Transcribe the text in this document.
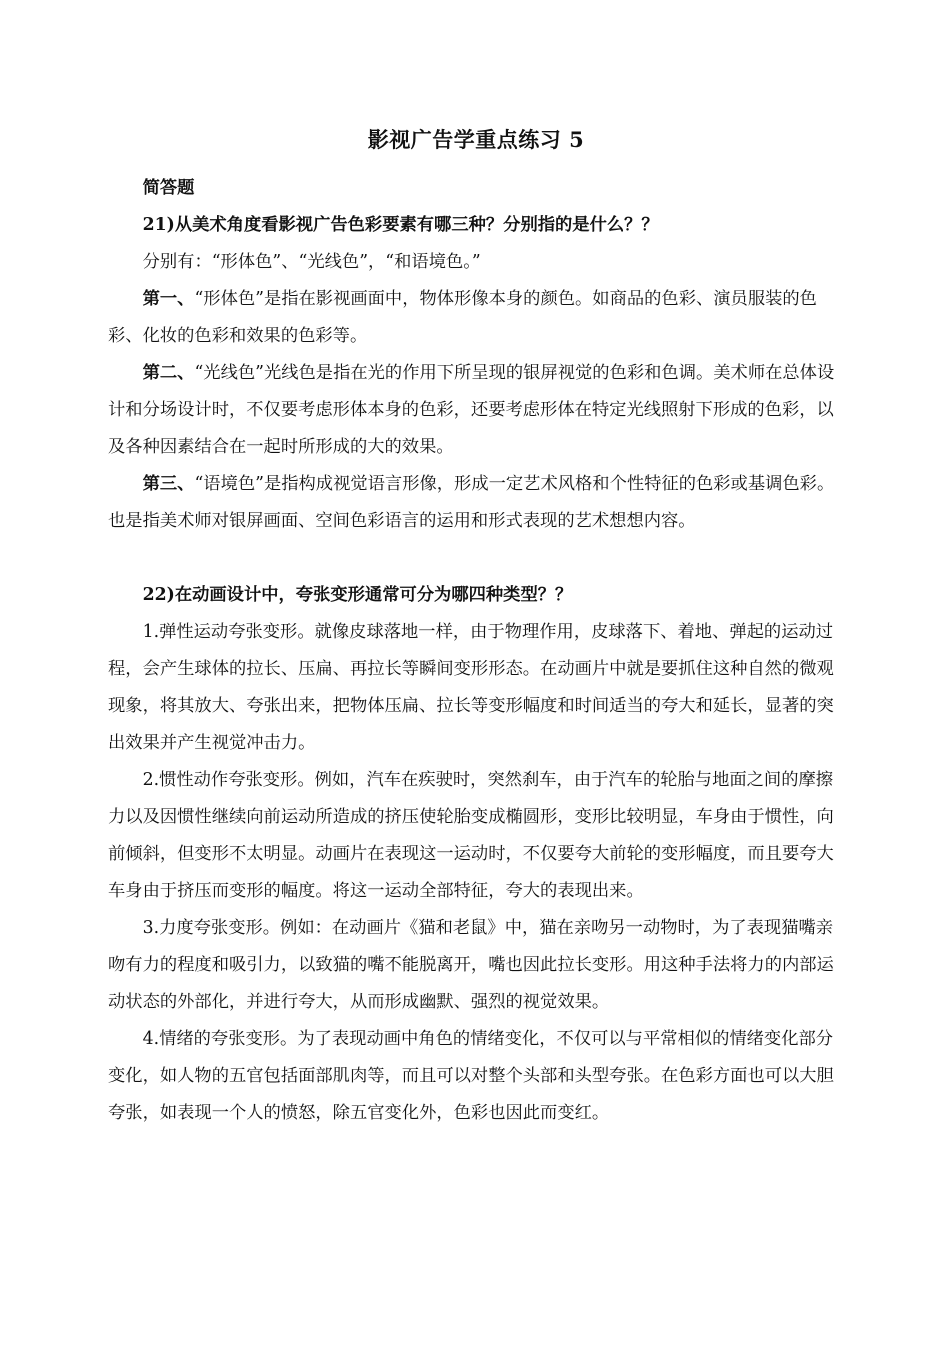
影视广告学重点练习 5

简答题

21)从美术角度看影视广告色彩要素有哪三种？分别指的是什么？？

分别有：“形体色”、“光线色”，“和语境色。”

第一、“形体色”是指在影视画面中，物体形像本身的颜色。如商品的色彩、演员服装的色彩、化妆的色彩和效果的色彩等。

第二、“光线色”光线色是指在光的作用下所呈现的银屏视觉的色彩和色调。美术师在总体设计和分场设计时，不仅要考虑形体本身的色彩，还要考虑形体在特定光线照射下形成的色彩，以及各种因素结合在一起时所形成的大的效果。

第三、“语境色”是指构成视觉语言形像，形成一定艺术风格和个性特征的色彩或基调色彩。也是指美术师对银屏画面、空间色彩语言的运用和形式表现的艺术想想内容。

22)在动画设计中，夸张变形通常可分为哪四种类型？？

1.弹性运动夸张变形。就像皮球落地一样，由于物理作用，皮球落下、着地、弹起的运动过程，会产生球体的拉长、压扁、再拉长等瞬间变形形态。在动画片中就是要抓住这种自然的微观现象，将其放大、夸张出来，把物体压扁、拉长等变形幅度和时间适当的夸大和延长，显著的突出效果并产生视觉冲击力。

2.惯性动作夸张变形。例如，汽车在疾驶时，突然刹车，由于汽车的轮胎与地面之间的摩擦力以及因惯性继续向前运动所造成的挤压使轮胎变成椭圆形，变形比较明显，车身由于惯性，向前倾斜，但变形不太明显。动画片在表现这一运动时，不仅要夸大前轮的变形幅度，而且要夸大车身由于挤压而变形的幅度。将这一运动全部特征，夸大的表现出来。

3.力度夸张变形。例如：在动画片《猫和老鼠》中，猫在亲吻另一动物时，为了表现猫嘴亲吻有力的程度和吸引力，以致猫的嘴不能脱离开，嘴也因此拉长变形。用这种手法将力的内部运动状态的外部化，并进行夸大，从而形成幽默、强烈的视觉效果。

4.情绪的夸张变形。为了表现动画中角色的情绪变化，不仅可以与平常相似的情绪变化部分变化，如人物的五官包括面部肌肉等，而且可以对整个头部和头型夸张。在色彩方面也可以大胆夸张，如表现一个人的愤怒，除五官变化外，色彩也因此而变红。
